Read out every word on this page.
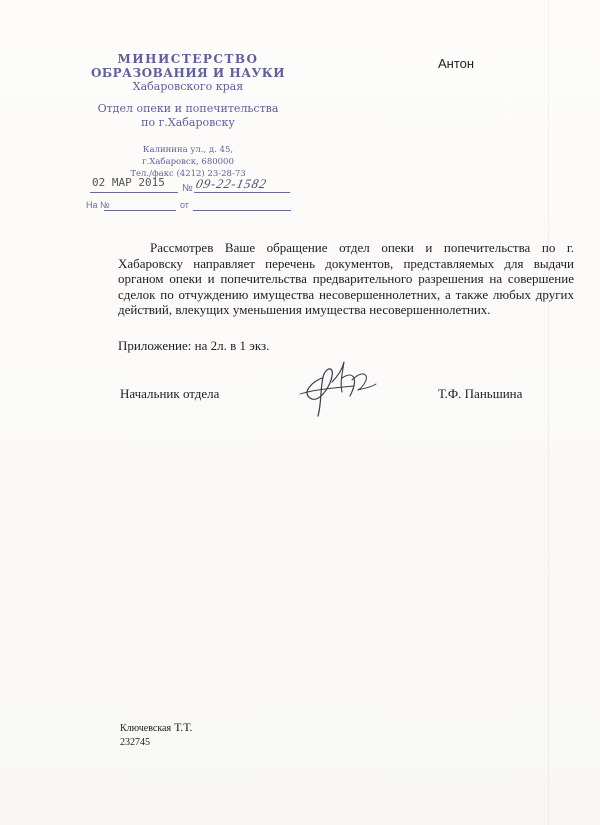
МИНИСТЕРСТВО
ОБРАЗОВАНИЯ И НАУКИ
Хабаровского края
Отдел опеки и попечительства
по г.Хабаровску
Калинина ул., д. 45,
г.Хабаровск, 680000
Тел./факс (4212) 23-28-73
Антон
02 МАР 2015	№ 09-22-1582
На №	от

Рассмотрев Ваше обращение отдел опеки и попечительства по г. Хабаровску направляет перечень документов, представляемых для выдачи органом опеки и попечительства предварительного разрешения на совершение сделок по отчуждению имущества несовершеннолетних, а также любых других действий, влекущих уменьшения имущества несовершеннолетних.

Приложение: на 2л. в 1 экз.
Начальник отдела	Т.Ф. Паньшина
Ключевская Т.Т.
232745
